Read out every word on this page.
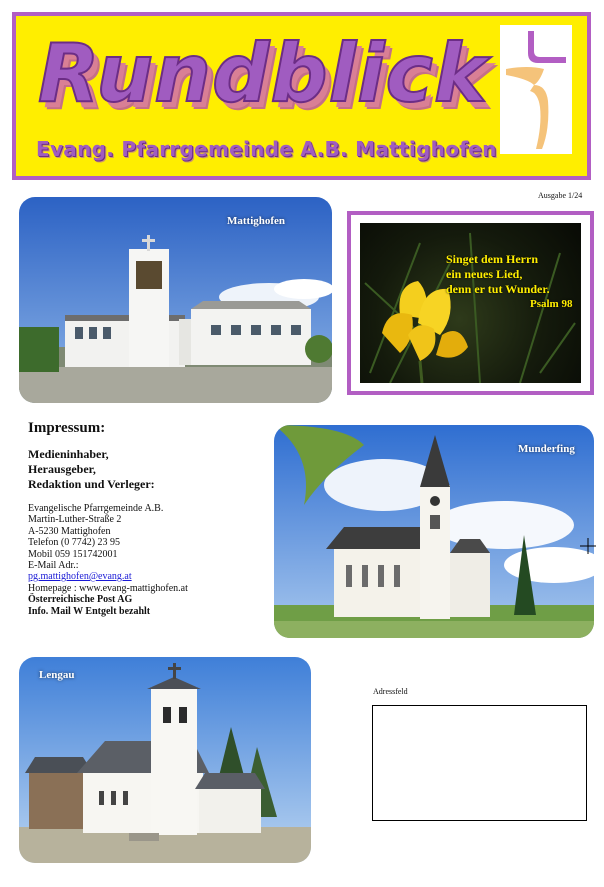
Rundblick
Evang. Pfarrgemeinde A.B. Mattighofen
Ausgabe 1/24
Mattighofen
Singet dem Herrn
ein neues Lied,
denn er tut Wunder.
Psalm 98
Impressum:
Medieninhaber,
Herausgeber,
Redaktion und Verleger:
Evangelische Pfarrgemeinde A.B.
Martin-Luther-Straße 2
A-5230 Mattighofen
Telefon (0 7742) 23 95
Mobil 059 151742001
E-Mail Adr.:
pg.mattighofen@evang.at
Homepage : www.evang-mattighofen.at
Österreichische Post AG
Info. Mail W Entgelt bezahlt
Munderfing
Lengau
Adressfeld
